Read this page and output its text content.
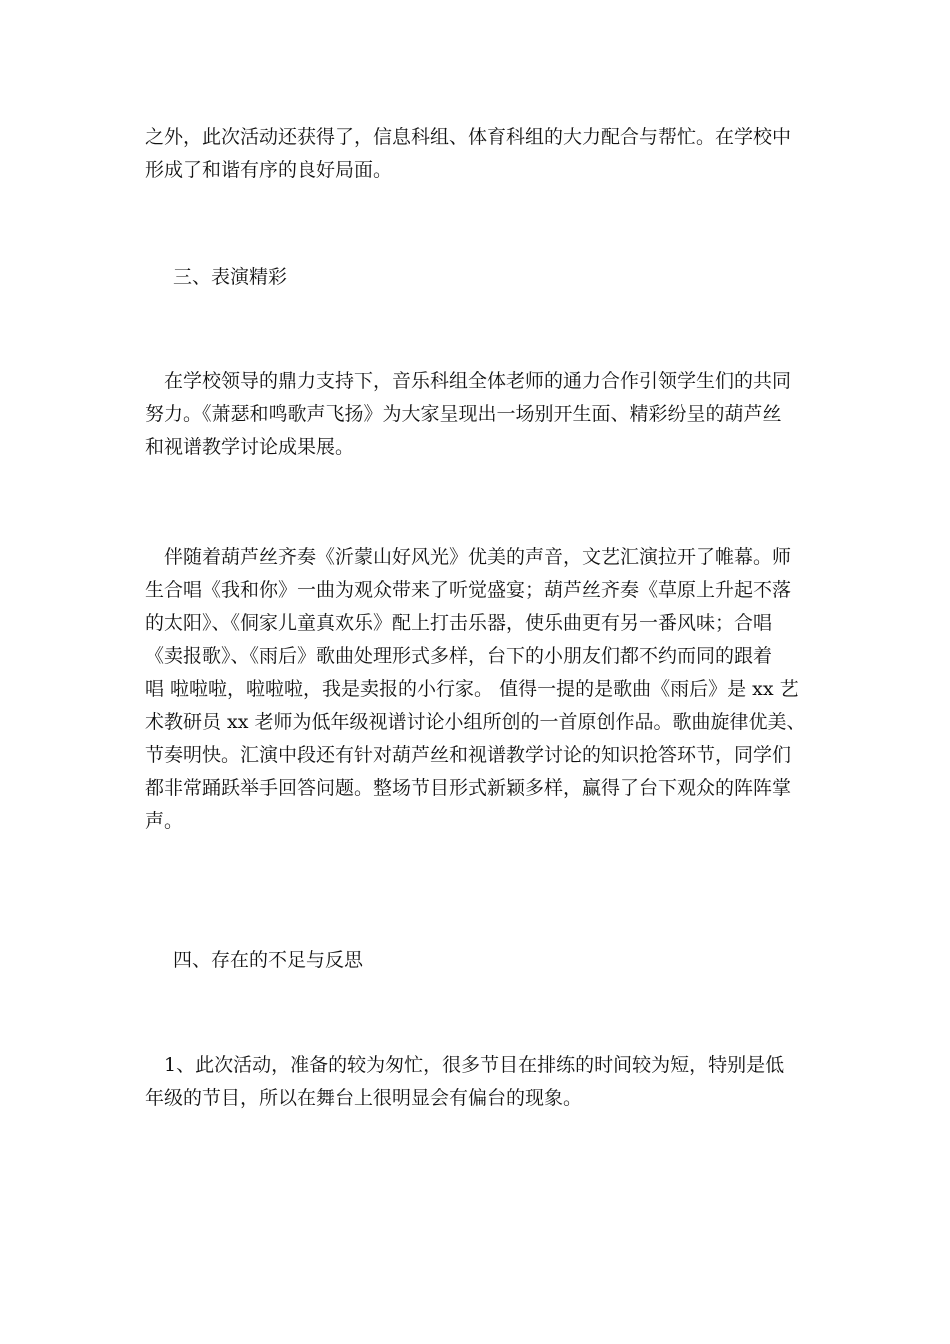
之外，此次活动还获得了，信息科组、体育科组的大力配合与帮忙。在学校中
形成了和谐有序的良好局面。
三、表演精彩
　在学校领导的鼎力支持下，音乐科组全体老师的通力合作引领学生们的共同
努力。《萧瑟和鸣歌声飞扬》为大家呈现出一场别开生面、精彩纷呈的葫芦丝
和视谱教学讨论成果展。
　伴随着葫芦丝齐奏《沂蒙山好风光》优美的声音，文艺汇演拉开了帷幕。师
生合唱《我和你》一曲为观众带来了听觉盛宴；葫芦丝齐奏《草原上升起不落
的太阳》、《侗家儿童真欢乐》配上打击乐器，使乐曲更有另一番风味；合唱
《卖报歌》、《雨后》歌曲处理形式多样，台下的小朋友们都不约而同的跟着
唱 啦啦啦，啦啦啦，我是卖报的小行家。 值得一提的是歌曲《雨后》是 xx 艺
术教研员 xx 老师为低年级视谱讨论小组所创的一首原创作品。歌曲旋律优美、
节奏明快。汇演中段还有针对葫芦丝和视谱教学讨论的知识抢答环节，同学们
都非常踊跃举手回答问题。整场节目形式新颖多样，赢得了台下观众的阵阵掌
声。
四、存在的不足与反思
　1、此次活动，准备的较为匆忙，很多节目在排练的时间较为短，特别是低
年级的节目，所以在舞台上很明显会有偏台的现象。
